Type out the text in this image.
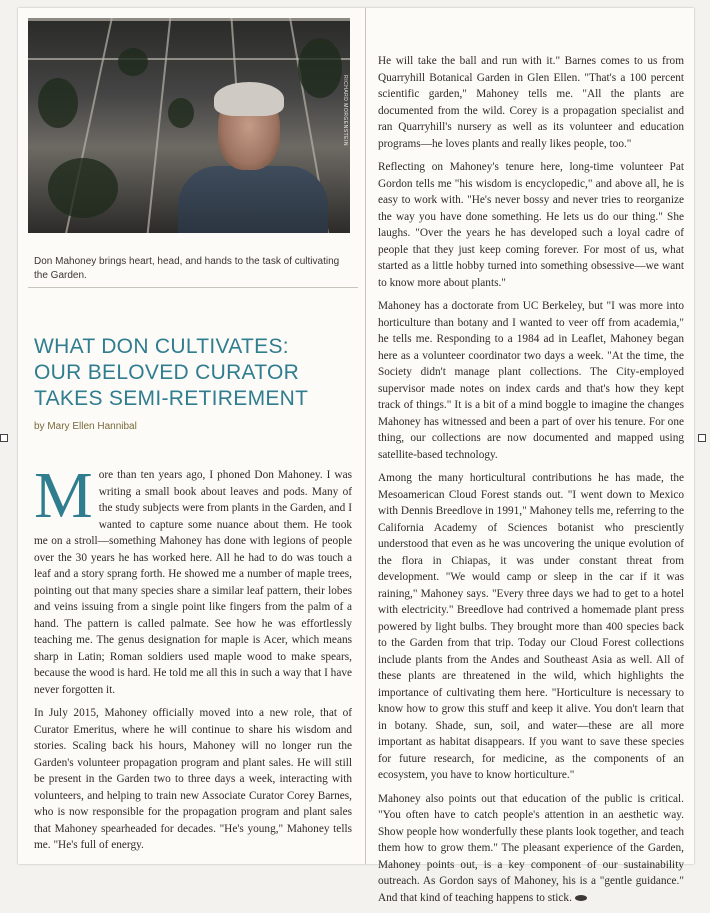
RICHARD MORGENSTEIN
Don Mahoney brings heart, head, and hands to the task of cultivating the Garden.
WHAT DON CULTIVATES:
OUR BELOVED CURATOR
TAKES SEMI-RETIREMENT
by Mary Ellen Hannibal

More than ten years ago, I phoned Don Mahoney. I was writing a small book about leaves and pods. Many of the study subjects were from plants in the Garden, and I wanted to capture some nuance about them. He took me on a stroll—something Mahoney has done with legions of people over the 30 years he has worked here. All he had to do was touch a leaf and a story sprang forth. He showed me a number of maple trees, pointing out that many species share a similar leaf pattern, their lobes and veins issuing from a single point like fingers from the palm of a hand. The pattern is called palmate. See how he was effortlessly teaching me. The genus designation for maple is Acer, which means sharp in Latin; Roman soldiers used maple wood to make spears, because the wood is hard. He told me all this in such a way that I have never forgotten it.

In July 2015, Mahoney officially moved into a new role, that of Curator Emeritus, where he will continue to share his wisdom and stories. Scaling back his hours, Mahoney will no longer run the Garden's volunteer propagation program and plant sales. He will still be present in the Garden two to three days a week, interacting with volunteers, and helping to train new Associate Curator Corey Barnes, who is now responsible for the propagation program and plant sales that Mahoney spearheaded for decades. "He's young," Mahoney tells me. "He's full of energy.

He will take the ball and run with it." Barnes comes to us from Quarryhill Botanical Garden in Glen Ellen. "That's a 100 percent scientific garden," Mahoney tells me. "All the plants are documented from the wild. Corey is a propagation specialist and ran Quarryhill's nursery as well as its volunteer and education programs—he loves plants and really likes people, too."

Reflecting on Mahoney's tenure here, long-time volunteer Pat Gordon tells me "his wisdom is encyclopedic," and above all, he is easy to work with. "He's never bossy and never tries to reorganize the way you have done something. He lets us do our thing." She laughs. "Over the years he has developed such a loyal cadre of people that they just keep coming forever. For most of us, what started as a little hobby turned into something obsessive—we want to know more about plants."

Mahoney has a doctorate from UC Berkeley, but "I was more into horticulture than botany and I wanted to veer off from academia," he tells me. Responding to a 1984 ad in Leaflet, Mahoney began here as a volunteer coordinator two days a week. "At the time, the Society didn't manage plant collections. The City-employed supervisor made notes on index cards and that's how they kept track of things." It is a bit of a mind boggle to imagine the changes Mahoney has witnessed and been a part of over his tenure. For one thing, our collections are now documented and mapped using satellite-based technology.

Among the many horticultural contributions he has made, the Mesoamerican Cloud Forest stands out. "I went down to Mexico with Dennis Breedlove in 1991," Mahoney tells me, referring to the California Academy of Sciences botanist who presciently understood that even as he was uncovering the unique evolution of the flora in Chiapas, it was under constant threat from development. "We would camp or sleep in the car if it was raining," Mahoney says. "Every three days we had to get to a hotel with electricity." Breedlove had contrived a homemade plant press powered by light bulbs. They brought more than 400 species back to the Garden from that trip. Today our Cloud Forest collections include plants from the Andes and Southeast Asia as well. All of these plants are threatened in the wild, which highlights the importance of cultivating them here. "Horticulture is necessary to know how to grow this stuff and keep it alive. You don't learn that in botany. Shade, sun, soil, and water—these are all more important as habitat disappears. If you want to save these species for future research, for medicine, as the components of an ecosystem, you have to know horticulture."

Mahoney also points out that education of the public is critical. "You often have to catch people's attention in an aesthetic way. Show people how wonderfully these plants look together, and teach them how to grow them." The pleasant experience of the Garden, Mahoney points out, is a key component of our sustainability outreach. As Gordon says of Mahoney, his is a "gentle guidance." And that kind of teaching happens to stick.
